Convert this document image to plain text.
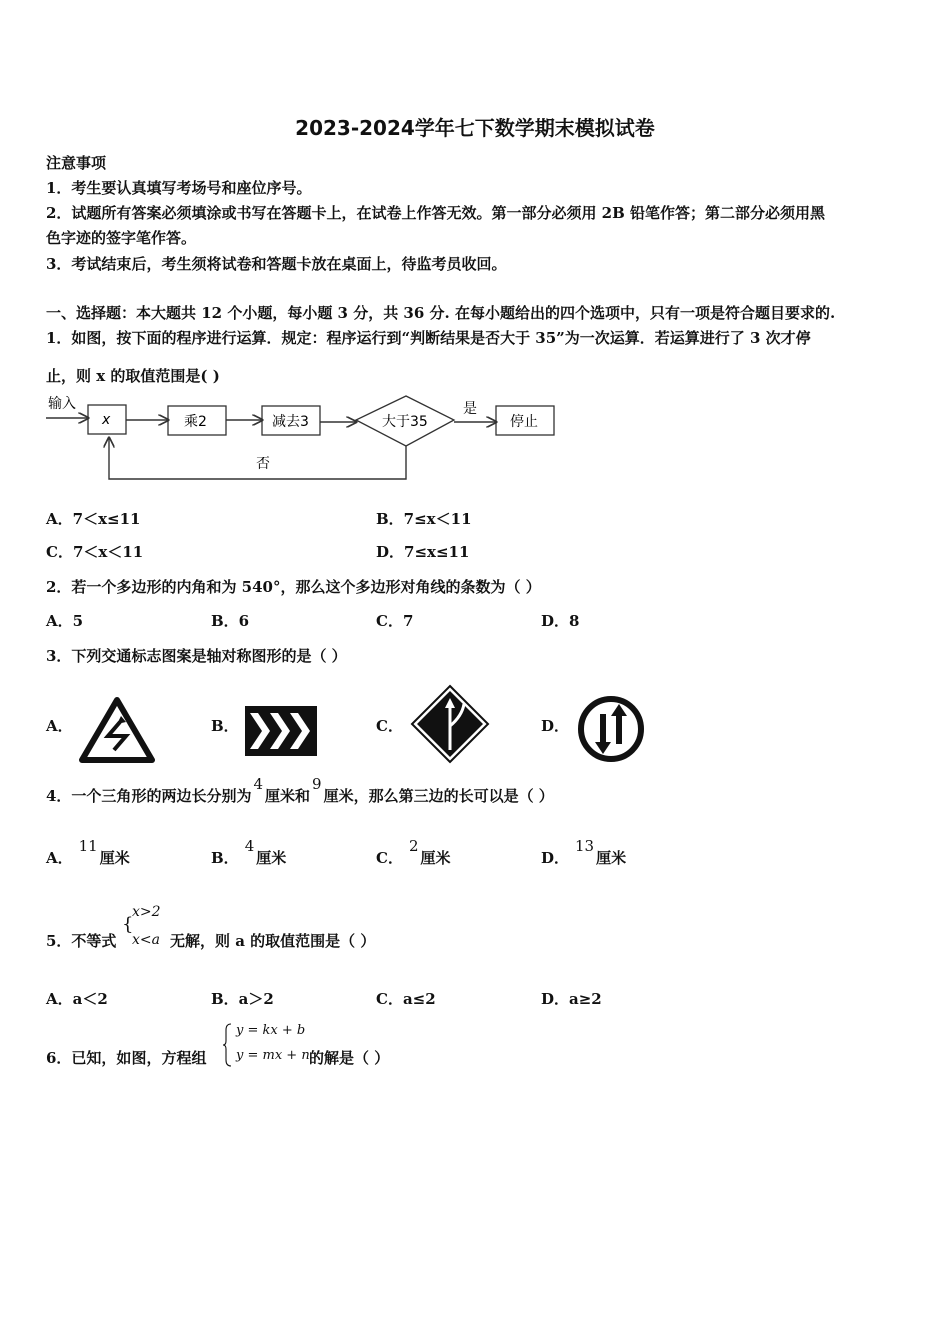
2023-2024学年七下数学期末模拟试卷
注意事项
1．考生要认真填写考场号和座位序号。
2．试题所有答案必须填涂或书写在答题卡上，在试卷上作答无效。第一部分必须用 2B 铅笔作答；第二部分必须用黑
色字迹的签字笔作答。
3．考试结束后，考生须将试卷和答题卡放在桌面上，待监考员收回。
一、选择题：本大题共 12 个小题，每小题 3 分，共 36 分. 在每小题给出的四个选项中，只有一项是符合题目要求的.
1．如图，按下面的程序进行运算．规定：程序运行到“判断结果是否大于 35”为一次运算．若运算进行了 3 次才停
止，则 x 的取值范围是( )
输入
x	乘2	减去3	大于35
是
停止
否
A．7＜x≤11	B．7≤x＜11
C．7＜x＜11	D．7≤x≤11
2．若一个多边形的内角和为 540°，那么这个多边形对角线的条数为（ ）
A．5	B．6	C．7	D．8
3．下列交通标志图案是轴对称图形的是（ ）
A．	B．	C．	D．
4．一个三角形的两边长分别为4厘米和9厘米，那么第三边的长可以是（ ）
A．11厘米	B．4厘米	C．2厘米	D．13厘米
5．不等式
{
x>2
x<a 无解，则 a 的取值范围是（ ）
A．a＜2	B．a＞2	C．a≤2	D．a≥2
6．已知，如图，方程组
y = kx + b
y = mx + n 的解是（ ）
